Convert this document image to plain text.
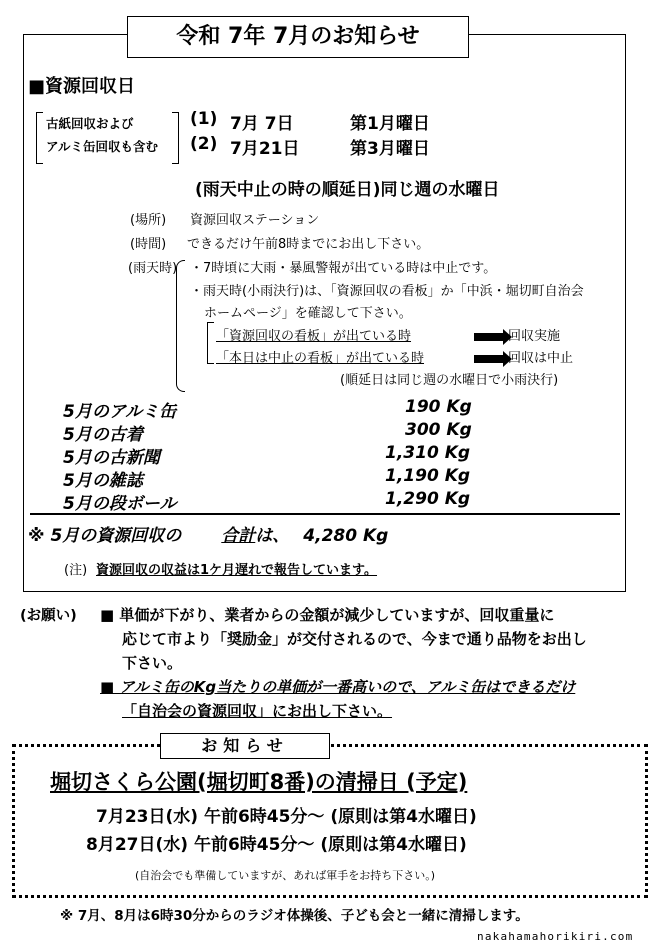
令和 7年 7月のお知らせ
■資源回収日
古紙回収および
アルミ缶回収も含む
(1) 7月 7日	第1月曜日
(2) 7月21日	第3月曜日
(雨天中止の時の順延日)同じ週の水曜日
(場所) 資源回収ステーション
(時間) できるだけ午前8時までにお出し下さい。
(雨天時) ・7時頃に大雨・暴風警報が出ている時は中止です。
・雨天時(小雨決行)は、「資源回収の看板」か「中浜・堀切町自治会
ホームページ」を確認して下さい。
「資源回収の看板」が出ている時	回収実施
「本日は中止の看板」が出ている時	回収は中止
(順延日は同じ週の水曜日で小雨決行)
5月のアルミ缶	190 Kg
5月の古着	300 Kg
5月の古新聞	1,310 Kg
5月の雑誌	1,190 Kg
5月の段ボール	1,290 Kg
※ 5月の資源回収の 合計は、 4,280 Kg
(注) 資源回収の収益は1ケ月遅れで報告しています。
(お願い) ■ 単価が下がり、業者からの金額が減少していますが、回収重量に
応じて市より「奨励金」が交付されるので、今まで通り品物をお出し
下さい。
■ アルミ缶のKg当たりの単価が一番高いので、アルミ缶はできるだけ
「自治会の資源回収」にお出し下さい。
お知らせ
堀切さくら公園(堀切町8番)の清掃日 (予定)
7月23日(水) 午前6時45分～ (原則は第4水曜日)
8月27日(水) 午前6時45分～ (原則は第4水曜日)
(自治会でも準備していますが、あれば軍手をお持ち下さい。)
※ 7月、8月は6時30分からのラジオ体操後、子ども会と一緒に清掃します。
nakahamahorikiri.com
